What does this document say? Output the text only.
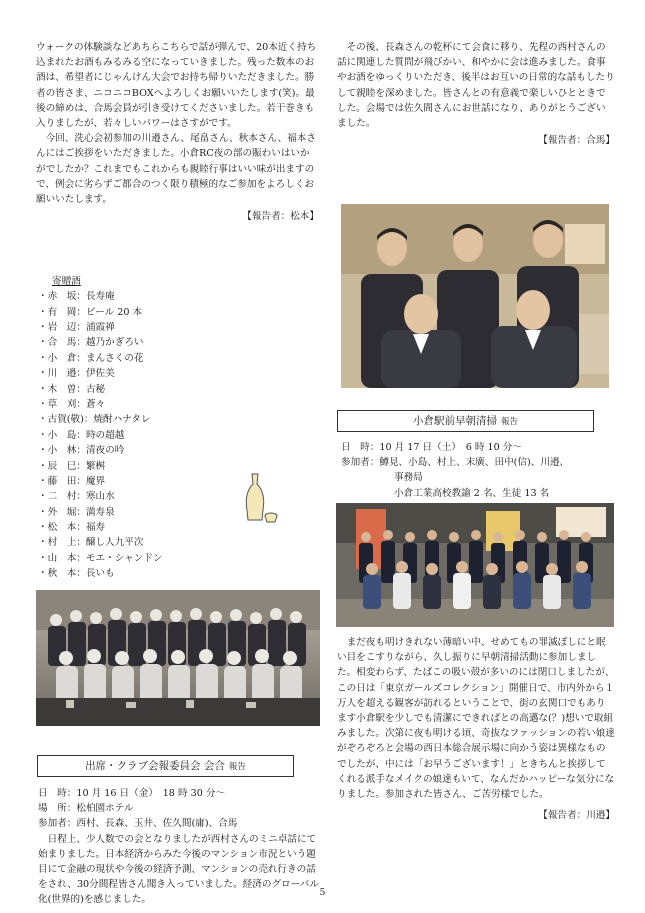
ウォークの体験談などあちらこちらで話が弾んで、20本近く持ち込まれたお酒もみるみる空になっていきました。残った数本のお酒は、希望者にじゃんけん大会でお持ち帰りいただきました。勝者の皆さま、ニコニコBOXへよろしくお願いいたします(笑)。最後の締めは、合馬会員が引き受けてくださいました。若干巻きも入りましたが、若々しいパワーはさすがです。

今回、洗心会初参加の川邉さん、尾畠さん、秋本さん、福本さんにはご挨拶をいただきました。小倉RC夜の部の賑わいはいかがでしたか？これまでもこれからも親睦行事はいい味が出ますので、例会に劣らずご都合のつく限り積極的なご参加をよろしくお願いいたします。

【報告者：松本】

寄贈酒

・赤　坂：長寿庵
・有　岡：ビール 20 本
・岩　辺：浦霞禅
・合　馬：越乃かぎろい
・小　倉：まんさくの花
・川　邉：伊佐美
・木　曽：古秘
・草　刈：蒼々
・古賀(敬)：焼酎ハナタレ
・小　島：時の超越
・小　林：清夜の吟
・辰　巳：繁桝
・藤　田：魔界
・二　村：寒山水
・外　堀：満寿泉
・松　本：福寿
・村　上：醸し人九平次
・山　本：モエ・シャンドン
・秋　本：長いも
出席・クラブ会報委員会 会合 報告

日　時：10 月 16 日（金）　18 時 30 分～

場　所：松柏園ホテル

参加者：西村、長森、玉井、佐久間(庸)、合馬

日程上、少人数での会となりましたが西村さんのミニ卓話にて始まりました。日本経済からみた今後のマンション市況という題目にて金融の現状や今後の経済予測、マンションの売れ行きの話をされ、30分間程皆さん聞き入っていました。経済のグローバル化(世界的)を感じました。

その後、長森さんの乾杯にて会食に移り、先程の西村さんの話に関連した質問が飛びかい、和やかに会は進みました。食事やお酒をゆっくりいただき、後半はお互いの日常的な話もしたりして親睦を深めました。皆さんとの有意義で楽しいひとときでした。会場では佐久間さんにお世話になり、ありがとうございました。

【報告者：合馬】

小倉駅前早朝清掃 報告

日　時：10 月 17 日（土）　6 時 10 分～

参加者：鱒見、小島、村上、末廣、田中(信)、川邉、

事務局

小倉工業高校教諭 2 名、生徒 13 名

まだ夜も明けきれない薄暗い中、せめてもの罪滅ぼしにと眠い目をこすりながら、久し振りに早朝清掃活動に参加しました。相変わらず、たばこの吸い殻が多いのには閉口しましたが、この日は「東京ガールズコレクション」開催日で、市内外から１万人を超える観客が訪れるということで、街の玄関口でもあります小倉駅を少しでも清潔にできればとの高邁な(？)想いで取組みました。次第に夜も明ける頃、奇抜なファッションの若い娘達がぞろぞろと会場の西日本総合展示場に向かう姿は異様なものでしたが、中には「お早うございます！」ときちんと挨拶してくれる派手なメイクの娘達もいて、なんだかハッピーな気分になりました。参加された皆さん、ご苦労様でした。

【報告者：川邉】

5
